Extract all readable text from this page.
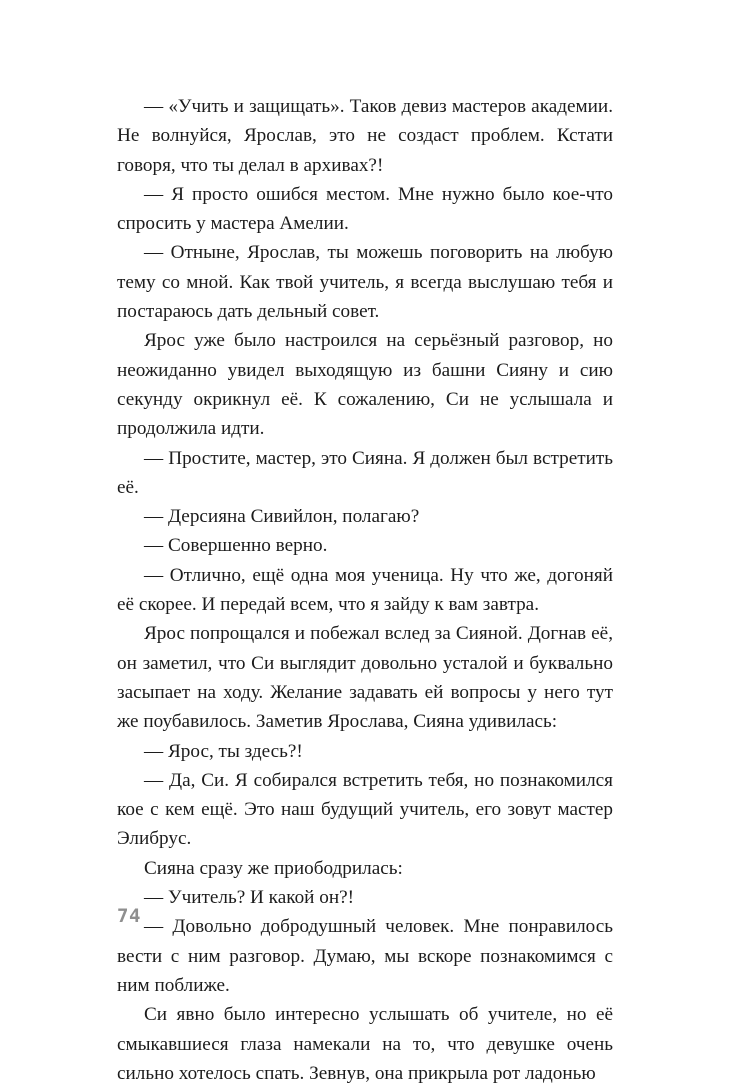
— «Учить и защищать». Таков девиз мастеров академии. Не волнуйся, Ярослав, это не создаст проблем. Кстати говоря, что ты делал в архивах?!

— Я просто ошибся местом. Мне нужно было кое-что спросить у мастера Амелии.

— Отныне, Ярослав, ты можешь поговорить на любую тему со мной. Как твой учитель, я всегда выслушаю тебя и постараюсь дать дельный совет.

Ярос уже было настроился на серьёзный разговор, но неожиданно увидел выходящую из башни Сияну и сию секунду окрикнул её. К сожалению, Си не услышала и продолжила идти.

— Простите, мастер, это Сияна. Я должен был встретить её.

— Дерсияна Сивийлон, полагаю?

— Совершенно верно.

— Отлично, ещё одна моя ученица. Ну что же, догоняй её скорее. И передай всем, что я зайду к вам завтра.

Ярос попрощался и побежал вслед за Сияной. Догнав её, он заметил, что Си выглядит довольно усталой и буквально засыпает на ходу. Желание задавать ей вопросы у него тут же поубавилось. Заметив Ярослава, Сияна удивилась:

— Ярос, ты здесь?!

— Да, Си. Я собирался встретить тебя, но познакомился кое с кем ещё. Это наш будущий учитель, его зовут мастер Элибрус.

Сияна сразу же приободрилась:

— Учитель? И какой он?!

— Довольно добродушный человек. Мне понравилось вести с ним разговор. Думаю, мы вскоре познакомимся с ним поближе.

Си явно было интересно услышать об учителе, но её смыкавшиеся глаза намекали на то, что девушке очень сильно хотелось спать. Зевнув, она прикрыла рот ладонью

74
